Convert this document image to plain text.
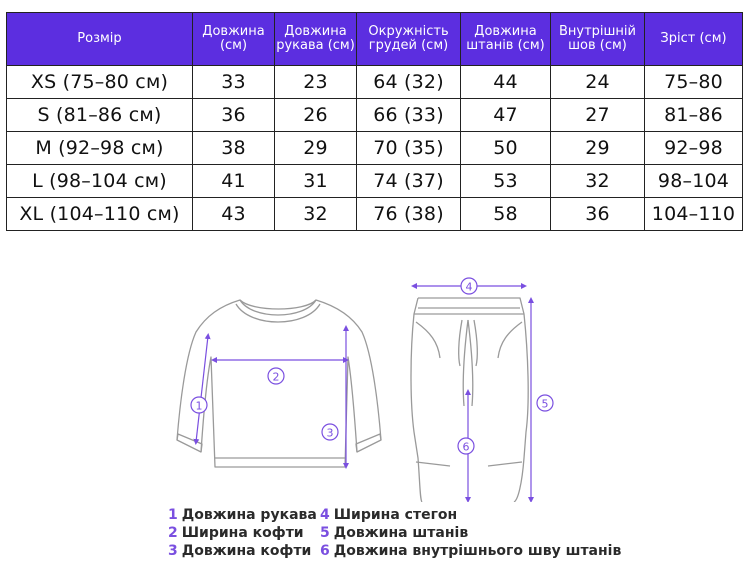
Розмір	Довжина (см)	Довжина рукава (см)	Окружність грудей (см)	Довжина штанів (см)	Внутрішній шов (см)	Зріст (см)
XS (75–80 см)	33	23	64 (32)	44	24	75–80
S (81–86 см)	36	26	66 (33)	47	27	81–86
M (92–98 см)	38	29	70 (35)	50	29	92–98
L (98–104 см)	41	31	74 (37)	53	32	98–104
XL (104–110 см)	43	32	76 (38)	58	36	104–110
1
2
3
4
5
6
1 Довжина рукава
2 Ширина кофти
3 Довжина кофти
4 Ширина стегон
5 Довжина штанів
6 Довжина внутрішнього шву штанів
